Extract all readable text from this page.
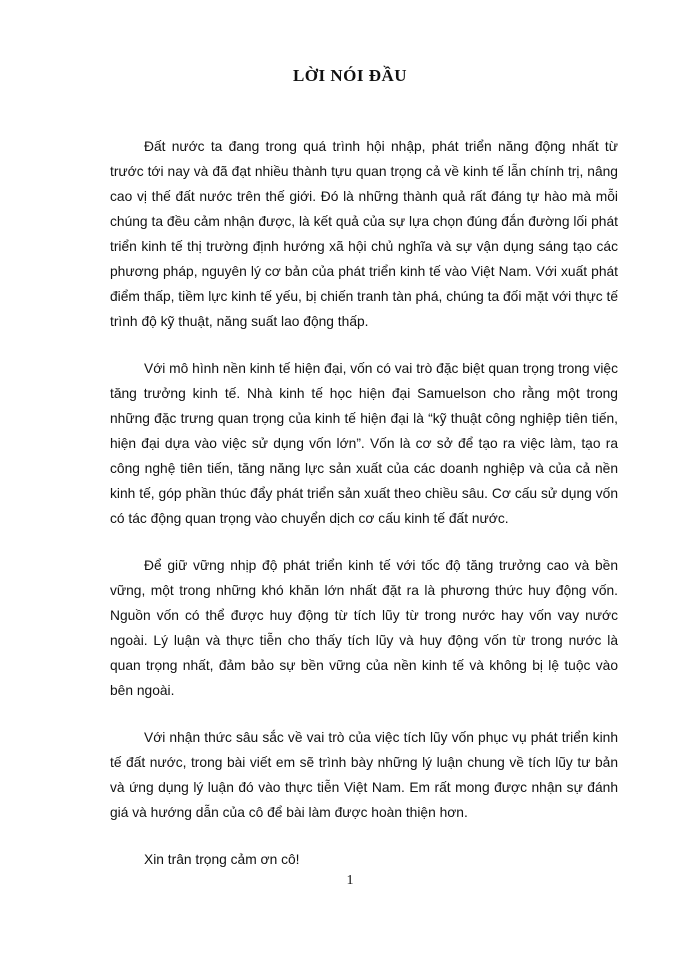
LỜI NÓI ĐẦU

Đất nước ta đang trong quá trình hội nhập, phát triển năng động nhất từ trước tới nay và đã đạt nhiều thành tựu quan trọng cả về kinh tế lẫn chính trị, nâng cao vị thế đất nước trên thế giới. Đó là những thành quả rất đáng tự hào mà mỗi chúng ta đều cảm nhận được, là kết quả của sự lựa chọn đúng đắn đường lối phát triển kinh tế thị trường định hướng xã hội chủ nghĩa và sự vận dụng sáng tạo các phương pháp, nguyên lý cơ bản của phát triển kinh tế vào Việt Nam. Với xuất phát điểm thấp, tiềm lực kinh tế yếu, bị chiến tranh tàn phá, chúng ta đối mặt với thực tế trình độ kỹ thuật, năng suất lao động thấp.

Với mô hình nền kinh tế hiện đại, vốn có vai trò đặc biệt quan trọng trong việc tăng trưởng kinh tế. Nhà kinh tế học hiện đại Samuelson cho rằng một trong những đặc trưng quan trọng của kinh tế hiện đại là “kỹ thuật công nghiệp tiên tiến, hiện đại dựa vào việc sử dụng vốn lớn”. Vốn là cơ sở để tạo ra việc làm, tạo ra công nghệ tiên tiến, tăng năng lực sản xuất của các doanh nghiệp và của cả nền kinh tế, góp phần thúc đẩy phát triển sản xuất theo chiều sâu. Cơ cấu sử dụng vốn có tác động quan trọng vào chuyển dịch cơ cấu kinh tế đất nước.

Để giữ vững nhịp độ phát triển kinh tế với tốc độ tăng trưởng cao và bền vững, một trong những khó khăn lớn nhất đặt ra là phương thức huy động vốn. Nguồn vốn có thể được huy động từ tích lũy từ trong nước hay vốn vay nước ngoài. Lý luận và thực tiễn cho thấy tích lũy và huy động vốn từ trong nước là quan trọng nhất, đảm bảo sự bền vững của nền kinh tế và không bị lệ tuộc vào bên ngoài.

Với nhận thức sâu sắc về vai trò của việc tích lũy vốn phục vụ phát triển kinh tế đất nước, trong bài viết em sẽ trình bày những lý luận chung về tích lũy tư bản và ứng dụng lý luận đó vào thực tiễn Việt Nam. Em rất mong được nhận sự đánh giá và hướng dẫn của cô để bài làm được hoàn thiện hơn.

Xin trân trọng cảm ơn cô!

1
